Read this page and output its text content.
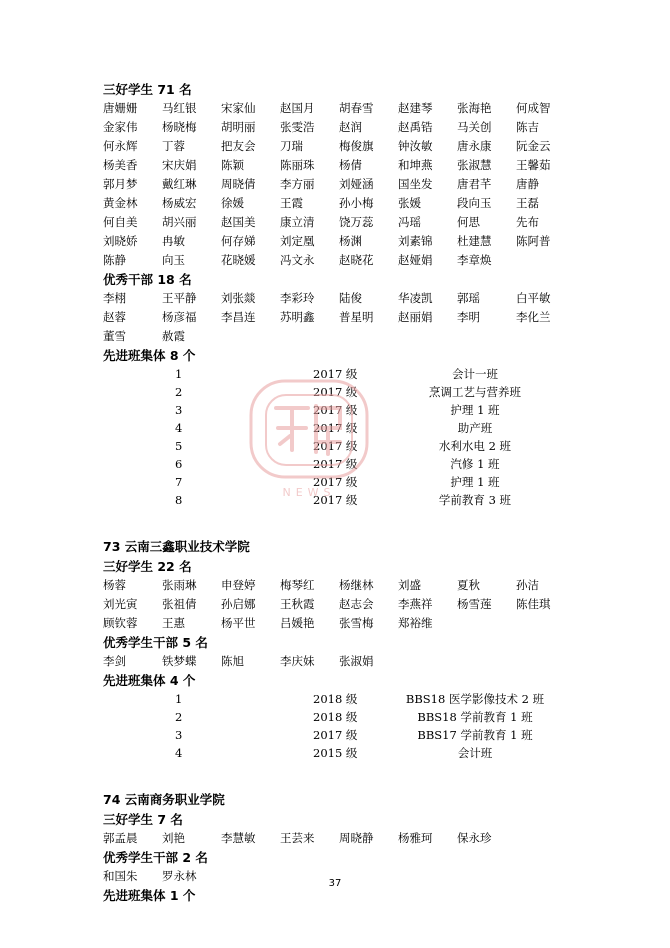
三好学生 71 名
唐姗姗	马红银	宋家仙	赵国月	胡春雪	赵建琴	张海艳	何成智
金家伟	杨晓梅	胡明丽	张雯浩	赵润	赵禹锆	马关创	陈吉
何永辉	丁蓉	把友会	刀瑞	梅俊旗	钟汝敏	唐永康	阮金云
杨美香	宋庆娟	陈颖	陈丽珠	杨倩	和坤燕	张淑慧	王馨茹
郭月梦	戴红琳	周晓倩	李方丽	刘娅涵	国坐发	唐君芊	唐静
黄金林	杨威宏	徐媛	王霞	孙小梅	张媛	段向玉	王磊
何自美	胡兴丽	赵国美	康立清	饶万蕊	冯瑶	何思	先布
刘晓娇	冉敏	何存娣	刘定凰	杨渊	刘素锦	杜建慧	陈阿普
陈静	向玉	花晓媛	冯文永	赵晓花	赵娅娟	李章焕
优秀干部 18 名
李栩	王平静	刘张燚	李彩玲	陆俊	华凌凯	郭瑶	白平敏
赵蓉	杨彦福	李昌连	苏明鑫	普星明	赵丽娟	李明	李化兰
董雪	赦霞
先进班集体 8 个
1	2017 级	会计一班
2	2017 级	烹调工艺与营养班
3	2017 级	护理 1 班
4	2017 级	助产班
5	2017 级	水利水电 2 班
6	2017 级	汽修 1 班
7	2017 级	护理 1 班
8	2017 级	学前教育 3 班
73 云南三鑫职业技术学院
三好学生 22 名
杨蓉	张雨琳	申登婷	梅琴红	杨继林	刘盛	夏秋	孙洁
刘光寅	张祖倩	孙启娜	王秋霞	赵志会	李燕祥	杨雪莲	陈佳琪
顾钦蓉	王惠	杨平世	吕媛艳	张雪梅	郑裕维
优秀学生干部 5 名
李剑	铁梦蝶	陈旭	李庆妹	张淑娟
先进班集体 4 个
1	2018 级	BBS18 医学影像技术 2 班
2	2018 级	BBS18 学前教育 1 班
3	2017 级	BBS17 学前教育 1 班
4	2015 级	会计班
74 云南商务职业学院
三好学生 7 名
郭孟晨	刘艳	李慧敏	王芸来	周晓静	杨雅珂	保永珍
优秀学生干部 2 名
和国朱	罗永林
先进班集体 1 个
NEWS
37
